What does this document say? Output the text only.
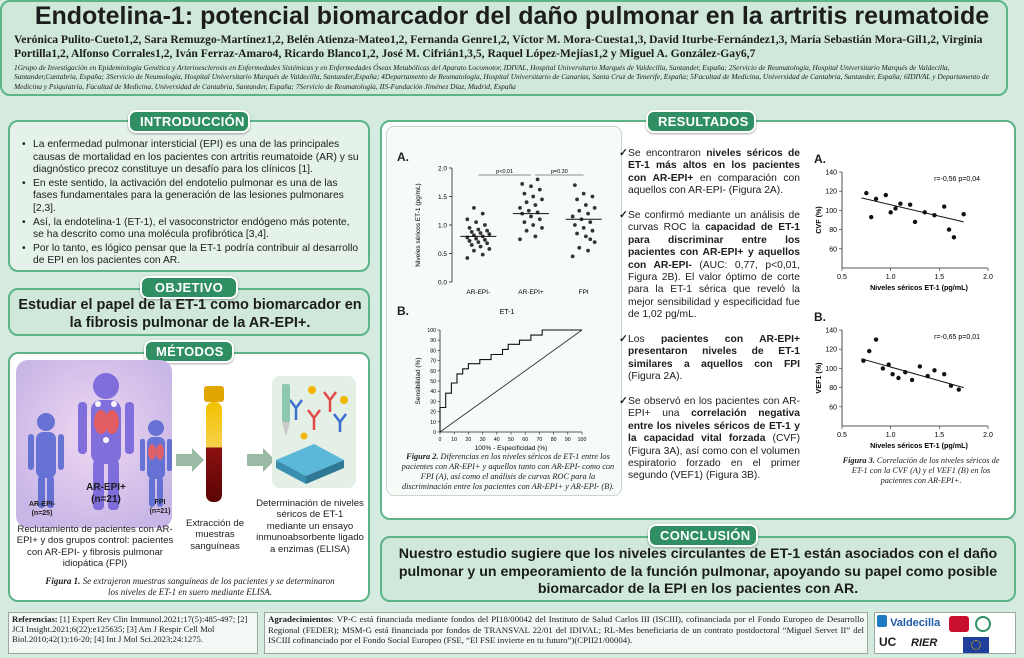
Endotelina-1: potencial biomarcador del daño pulmonar en la artritis reumatoide
Verónica Pulito-Cueto1,2, Sara Remuzgo-Martínez1,2, Belén Atienza-Mateo1,2, Fernanda Genre1,2, Víctor M. Mora-Cuesta1,3, David Iturbe-Fernández1,3, María Sebastián Mora-Gil1,2, Virginia Portilla1,2, Alfonso Corrales1,2, Iván Ferraz-Amaro4, Ricardo Blanco1,2, José M. Cifrián1,3,5, Raquel López-Mejías1,2 y Miguel A. González-Gay6,7
1Grupo de Investigación en Epidemiología Genética y Arterioesclerosis en Enfermedades Sistémicas y en Enfermedades Óseas Metabólicas del Aparato Locomotor, IDIVAL, Hospital Universitario Marqués de Valdecilla, Santander, España; 2Servicio de Reumatología, Hospital Universitario Marqués de Valdecilla, Santander,Cantabria, España; 3Servicio de Neumología, Hospital Universitario Marqués de Valdecilla, Santander,España; 4Departamento de Reumatología, Hospital Universitario de Canarias, Santa Cruz de Tenerife, España; 5Facultad de Medicina, Universidad de Cantabria, Santander, España; 6IDIVAL y Departamento de Medicina y Psiquiatría, Facultad de Medicina, Universidad de Cantabria, Santander, España; 7Servicio de Reumatología, IIS-Fundación Jiménez Díaz, Madrid, España
INTRODUCCIÓN
• La enfermedad pulmonar intersticial (EPI) es una de las principales causas de mortalidad en los pacientes con artritis reumatoide (AR) y su diagnóstico precoz constituye un desafío para los clínicos [1].
• En este sentido, la activación del endotelio pulmonar es una de las fases fundamentales para la generación de las lesiones pulmonares [2,3].
• Así, la endotelina-1 (ET-1), el vasoconstrictor endógeno más potente, se ha descrito como una molécula profibrótica [3,4].
• Por lo tanto, es lógico pensar que la ET-1 podría contribuir al desarrollo de EPI en los pacientes con AR.
OBJETIVO
Estudiar el papel de la ET-1 como biomarcador en la fibrosis pulmonar de la AR-EPI+.
MÉTODOS
AR-EPI+
(n=21)
AR-EPI-
(n=25)
FPI
(n=21)
Reclutamiento de pacientes con AR-EPI+ y dos grupos control: pacientes con AR-EPI- y fibrosis pulmonar idiopática (FPI)
Extracción de muestras sanguíneas
Determinación de niveles séricos de ET-1 mediante un ensayo inmunoabsorbente ligado a enzimas (ELISA)
Figura 1. Se extrajeron muestras sanguíneas de los pacientes y se determinaron los niveles de ET-1 en suero mediante ELISA.
RESULTADOS
A.
0.0
0.5
1.0
1.5
2.0
Niveles séricos ET-1 (pg/mL)
AR-EPI-	AR-EPI+	FPI
p<0.01	p=0.30
B.	ET-1
0
0
10
10
20
20
30
30
40
40
50
50
60
60
70
70
80
80
90
90
100
100
100% - Especificidad (%)
Sensibilidad (%)
Figura 2. Diferencias en los niveles séricos de ET-1 entre los pacientes con AR-EPI+ y aquellos tanto con AR-EPI- como con FPI (A), así como el análisis de curvas ROC para la discriminación entre los pacientes con AR-EPI+ y AR-EPI- (B).
✓ Se encontraron niveles séricos de ET-1 más altos en los pacientes con AR-EPI+ en comparación con aquellos con AR-EPI- (Figura 2A).
✓ Se confirmó mediante un análisis de curvas ROC la capacidad de ET-1 para discriminar entre los pacientes con AR-EPI+ y aquellos con AR-EPI- (AUC: 0,77, p<0,01, Figura 2B). El valor óptimo de corte para la ET-1 sérica que reveló la mejor sensibilidad y especificidad fue de 1,02 pg/mL.
✓ Los pacientes con AR-EPI+ presentaron niveles de ET-1 similares a aquellos con FPI (Figura 2A).
✓ Se observó en los pacientes con AR-EPI+ una correlación negativa entre los niveles séricos de ET-1 y la capacidad vital forzada (CVF) (Figura 3A), así como con el volumen espiratorio forzado en el primer segundo (VEF1) (Figura 3B).
A.
60
80
100
120
140
0.5	1.0	1.5	2.0
r=-0,56 p=0,04
Niveles séricos ET-1 (pg/mL)
CVF (%)
B.
60
80
100
120
140
0.5	1.0	1.5	2.0
r=-0,65 p=0,01
Niveles séricos ET-1 (pg/mL)
VEF1 (%)
Figura 3. Correlación de los niveles séricos de ET-1 con la CVF (A) y el VEF1 (B) en los pacientes con AR-EPI+.
CONCLUSIÓN
Nuestro estudio sugiere que los niveles circulantes de ET-1 están asociados con el daño pulmonar y un empeoramiento de la función pulmonar, apoyando su papel como posible biomarcador de la EPI en los pacientes con AR.
Referencias: [1] Expert Rev Clin Immunol.2021;17(5):485-497; [2] JCI Insight.2021;6(22):e125635; [3] Am J Respir Cell Mol Biol.2010;42(1):16-20; [4] Int J Mol Sci.2023;24:1275.
Agradecimientos: VP-C está financiada mediante fondos del PI18/00042 del Instituto de Salud Carlos III (ISCIII), cofinanciada por el Fondo Europeo de Desarrollo Regional (FEDER); MSM-G está financiada por fondos de TRANSVAL 22/01 del IDIVAL; RL-Mes beneficiaria de un contrato postdoctoral “Miguel Servet II” del ISCIII cofinanciado por el Fondo Social Europeo (FSE, “El FSE invierte en tu futuro”)(CPII21/00004).
Valdecilla
UC RIER
